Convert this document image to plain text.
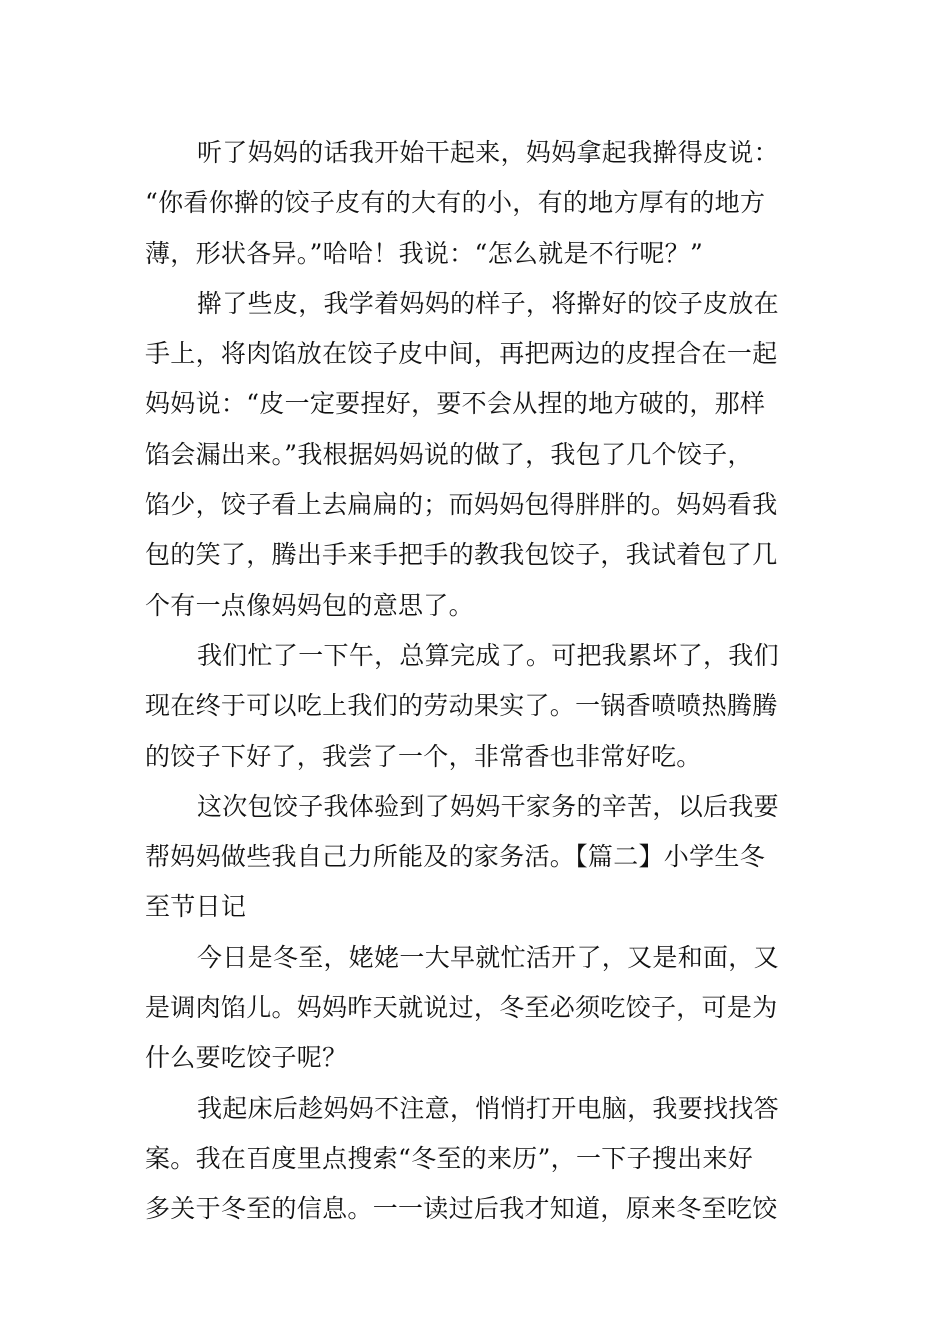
听了妈妈的话我开始干起来，妈妈拿起我擀得皮说：
“你看你擀的饺子皮有的大有的小，有的地方厚有的地方
薄，形状各异。”哈哈！我说：“怎么就是不行呢？”
擀了些皮，我学着妈妈的样子，将擀好的饺子皮放在
手上，将肉馅放在饺子皮中间，再把两边的皮捏合在一起
妈妈说：“皮一定要捏好，要不会从捏的地方破的，那样
馅会漏出来。”我根据妈妈说的做了，我包了几个饺子，
馅少，饺子看上去扁扁的；而妈妈包得胖胖的。妈妈看我
包的笑了，腾出手来手把手的教我包饺子，我试着包了几
个有一点像妈妈包的意思了。
我们忙了一下午，总算完成了。可把我累坏了，我们
现在终于可以吃上我们的劳动果实了。一锅香喷喷热腾腾
的饺子下好了，我尝了一个，非常香也非常好吃。
这次包饺子我体验到了妈妈干家务的辛苦，以后我要
帮妈妈做些我自己力所能及的家务活。【篇二】小学生冬
至节日记
今日是冬至，姥姥一大早就忙活开了，又是和面，又
是调肉馅儿。妈妈昨天就说过，冬至必须吃饺子，可是为
什么要吃饺子呢？
我起床后趁妈妈不注意，悄悄打开电脑，我要找找答
案。我在百度里点搜索“冬至的来历”，一下子搜出来好
多关于冬至的信息。一一读过后我才知道，原来冬至吃饺
